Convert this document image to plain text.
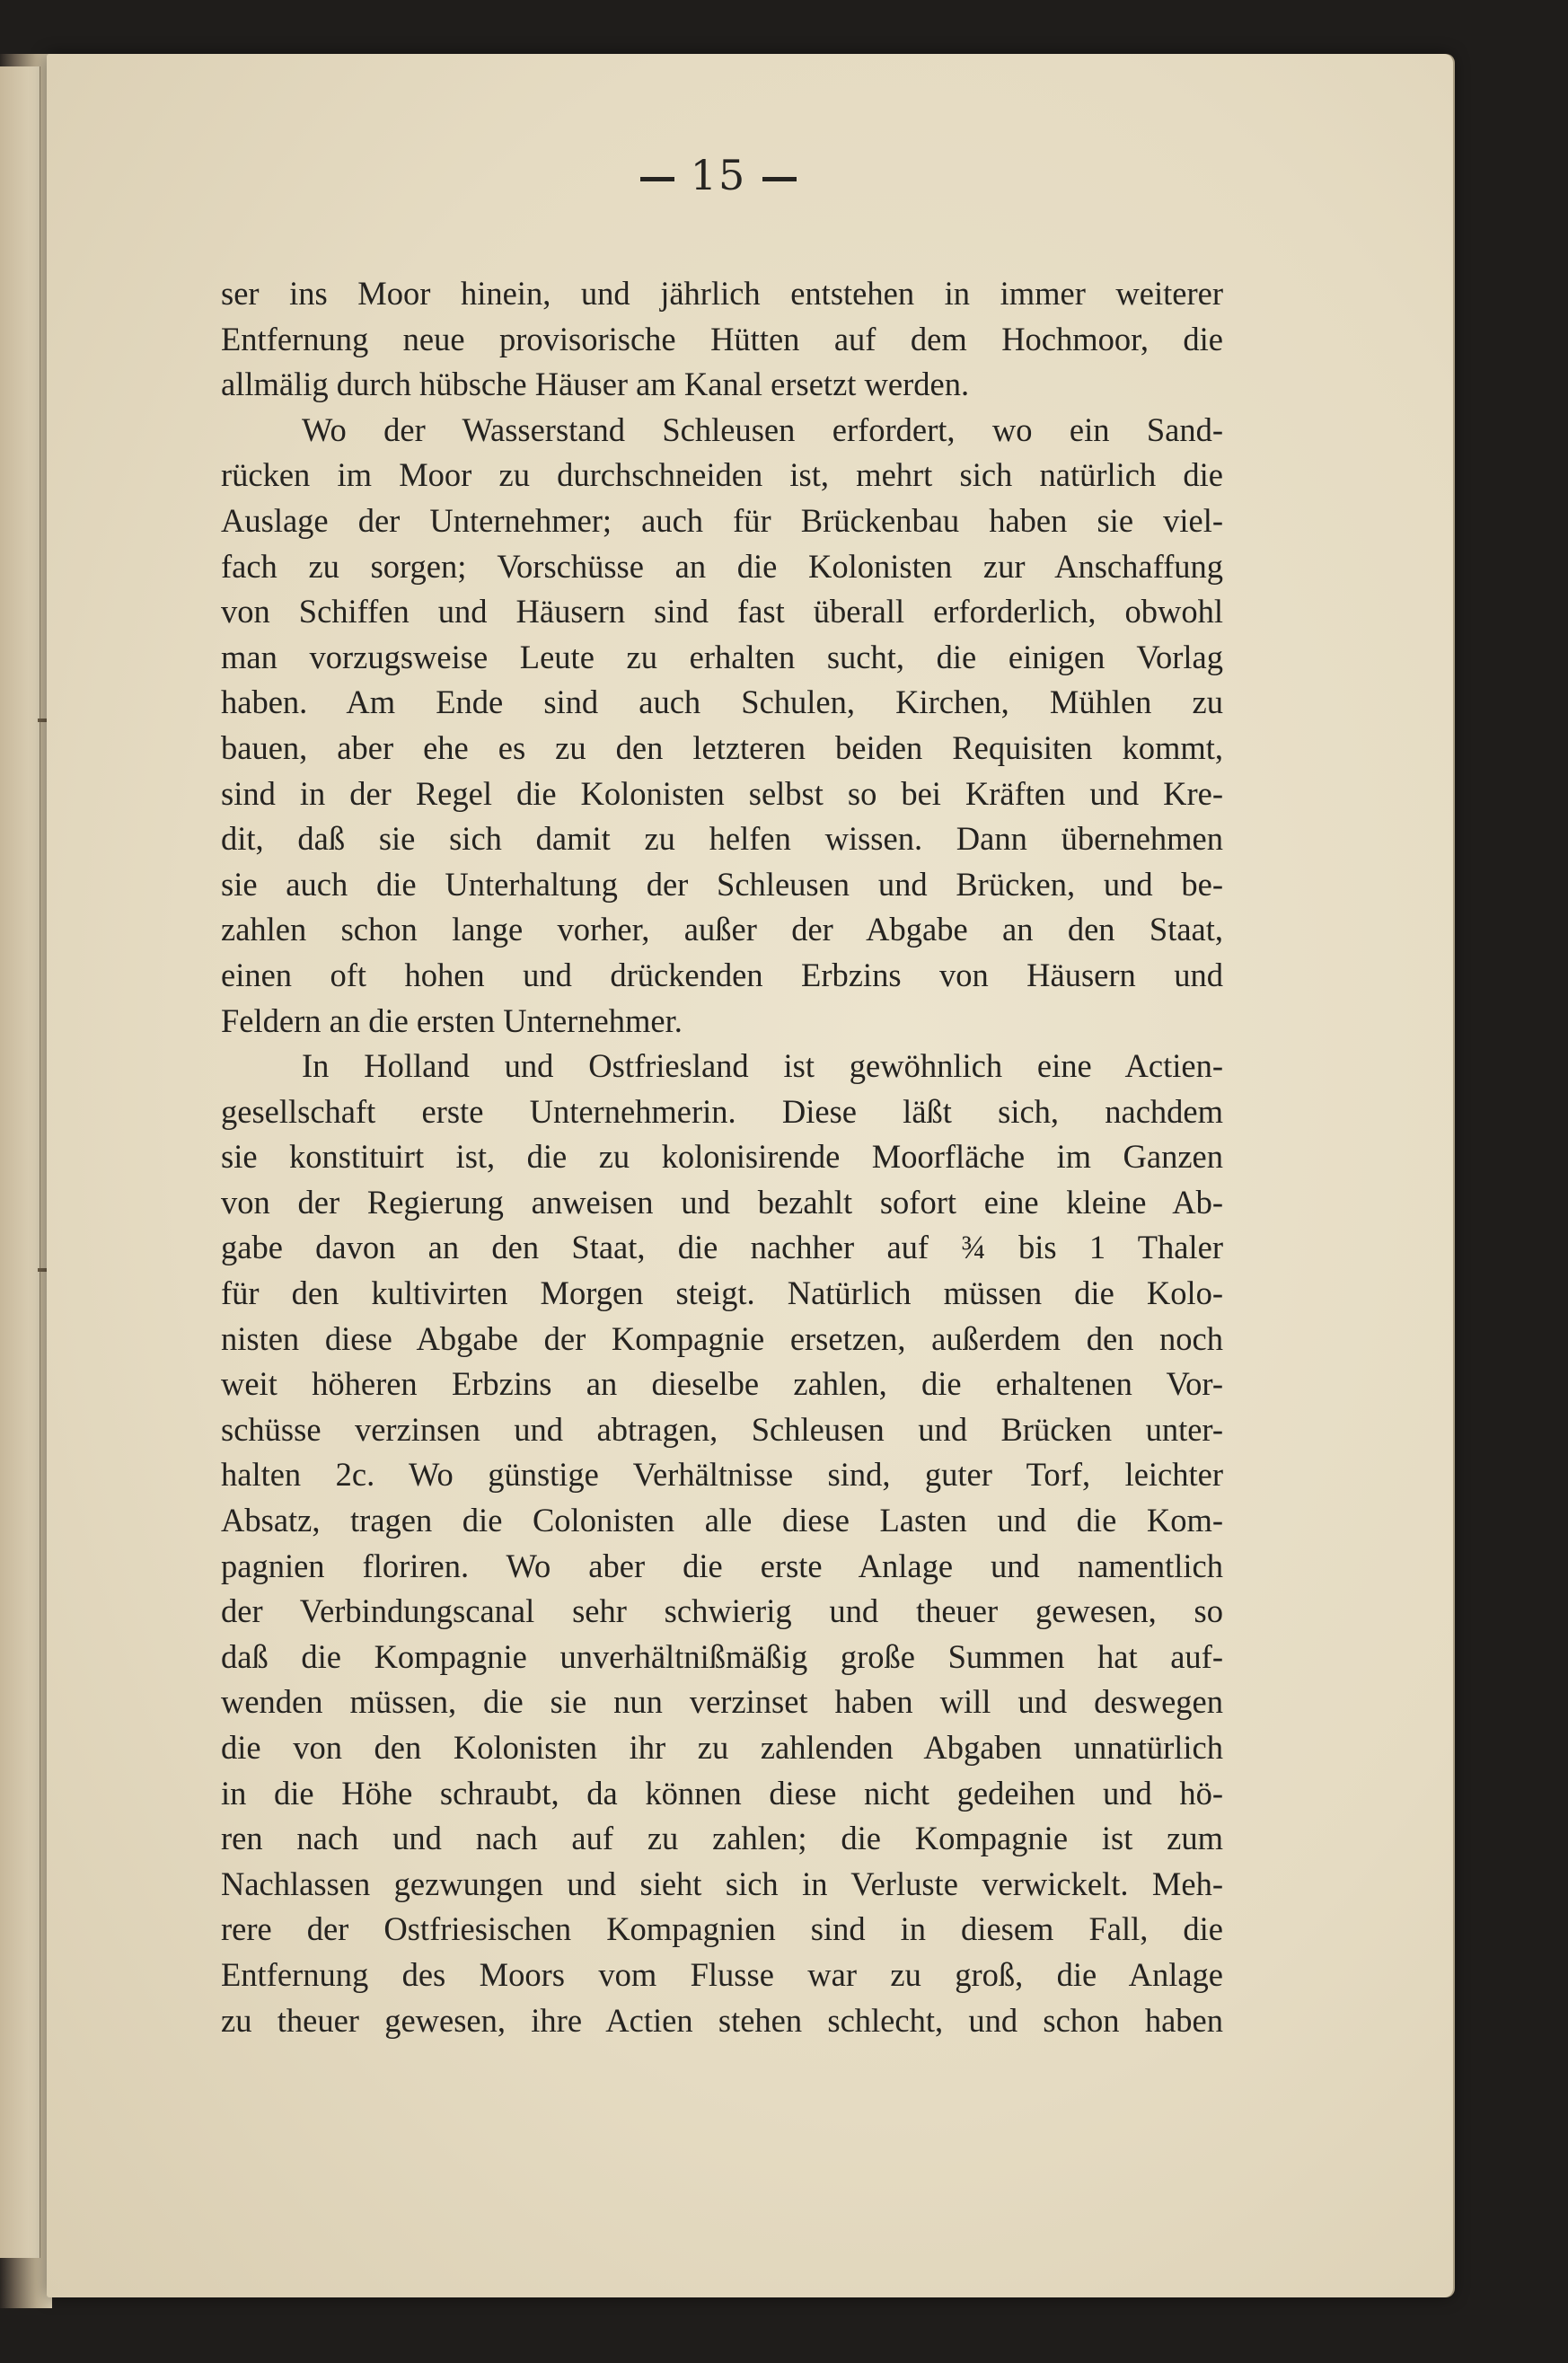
15
ser ins Moor hinein, und jährlich entstehen in immer weiterer
Entfernung neue provisorische Hütten auf dem Hochmoor, die
allmälig durch hübsche Häuser am Kanal ersetzt werden.
Wo der Wasserstand Schleusen erfordert, wo ein Sand-
rücken im Moor zu durchschneiden ist, mehrt sich natürlich die
Auslage der Unternehmer; auch für Brückenbau haben sie viel-
fach zu sorgen; Vorschüsse an die Kolonisten zur Anschaffung
von Schiffen und Häusern sind fast überall erforderlich, obwohl
man vorzugsweise Leute zu erhalten sucht, die einigen Vorlag
haben. Am Ende sind auch Schulen, Kirchen, Mühlen zu
bauen, aber ehe es zu den letzteren beiden Requisiten kommt,
sind in der Regel die Kolonisten selbst so bei Kräften und Kre-
dit, daß sie sich damit zu helfen wissen. Dann übernehmen
sie auch die Unterhaltung der Schleusen und Brücken, und be-
zahlen schon lange vorher, außer der Abgabe an den Staat,
einen oft hohen und drückenden Erbzins von Häusern und
Feldern an die ersten Unternehmer.
In Holland und Ostfriesland ist gewöhnlich eine Actien-
gesellschaft erste Unternehmerin. Diese läßt sich, nachdem
sie konstituirt ist, die zu kolonisirende Moorfläche im Ganzen
von der Regierung anweisen und bezahlt sofort eine kleine Ab-
gabe davon an den Staat, die nachher auf ¾ bis 1 Thaler
für den kultivirten Morgen steigt. Natürlich müssen die Kolo-
nisten diese Abgabe der Kompagnie ersetzen, außerdem den noch
weit höheren Erbzins an dieselbe zahlen, die erhaltenen Vor-
schüsse verzinsen und abtragen, Schleusen und Brücken unter-
halten 2c. Wo günstige Verhältnisse sind, guter Torf, leichter
Absatz, tragen die Colonisten alle diese Lasten und die Kom-
pagnien floriren. Wo aber die erste Anlage und namentlich
der Verbindungscanal sehr schwierig und theuer gewesen, so
daß die Kompagnie unverhältnißmäßig große Summen hat auf-
wenden müssen, die sie nun verzinset haben will und deswegen
die von den Kolonisten ihr zu zahlenden Abgaben unnatürlich
in die Höhe schraubt, da können diese nicht gedeihen und hö-
ren nach und nach auf zu zahlen; die Kompagnie ist zum
Nachlassen gezwungen und sieht sich in Verluste verwickelt. Meh-
rere der Ostfriesischen Kompagnien sind in diesem Fall, die
Entfernung des Moors vom Flusse war zu groß, die Anlage
zu theuer gewesen, ihre Actien stehen schlecht, und schon haben
